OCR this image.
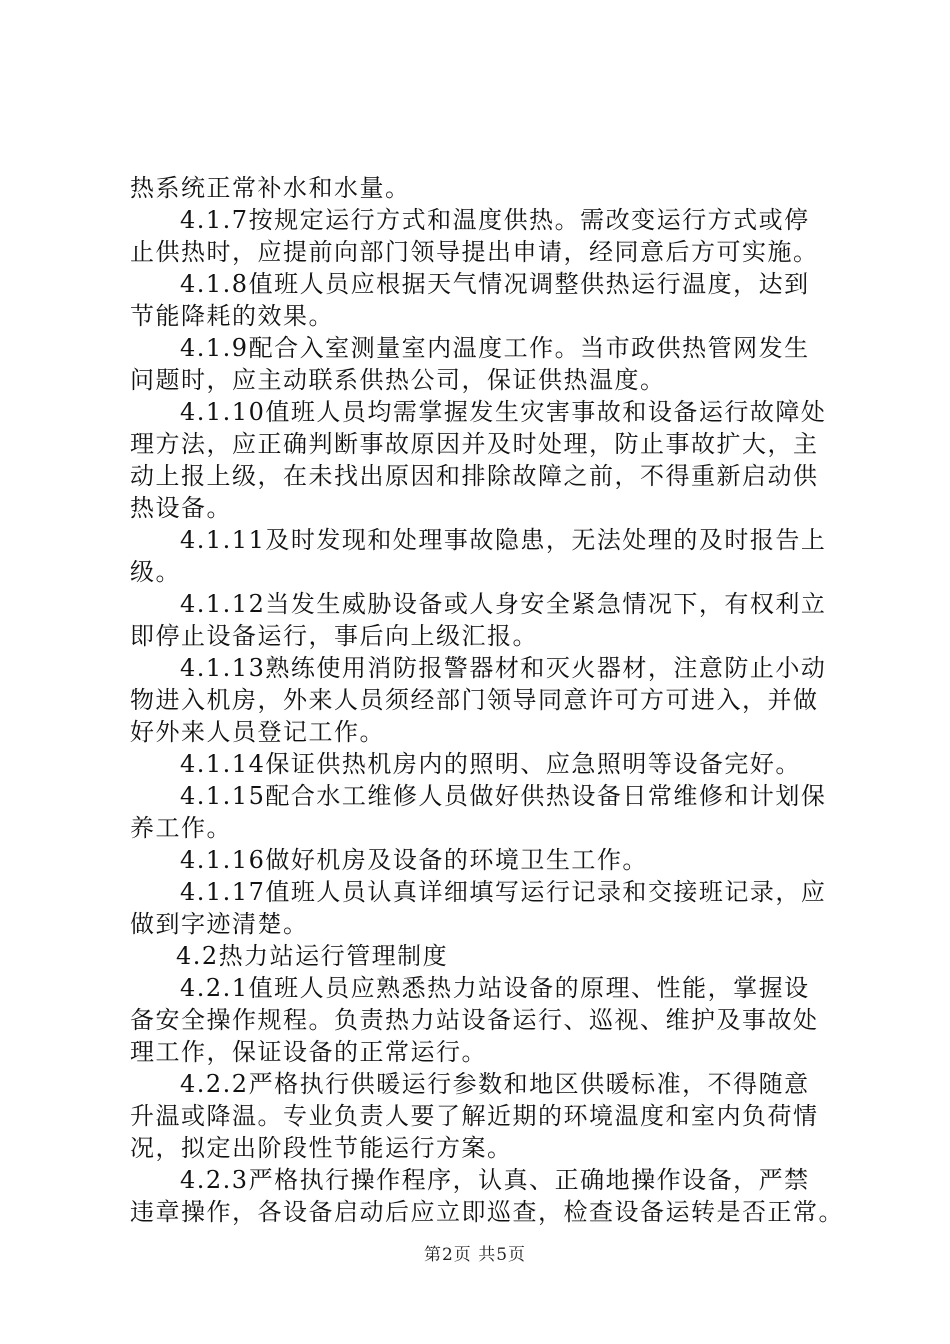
热系统正常补水和水量。
4.1.7按规定运行方式和温度供热。需改变运行方式或停
止供热时，应提前向部门领导提出申请，经同意后方可实施。
4.1.8值班人员应根据天气情况调整供热运行温度，达到
节能降耗的效果。
4.1.9配合入室测量室内温度工作。当市政供热管网发生
问题时，应主动联系供热公司，保证供热温度。
4.1.10值班人员均需掌握发生灾害事故和设备运行故障处
理方法，应正确判断事故原因并及时处理，防止事故扩大，主
动上报上级，在未找出原因和排除故障之前，不得重新启动供
热设备。
4.1.11及时发现和处理事故隐患，无法处理的及时报告上
级。
4.1.12当发生威胁设备或人身安全紧急情况下，有权利立
即停止设备运行，事后向上级汇报。
4.1.13熟练使用消防报警器材和灭火器材，注意防止小动
物进入机房，外来人员须经部门领导同意许可方可进入，并做
好外来人员登记工作。
4.1.14保证供热机房内的照明、应急照明等设备完好。
4.1.15配合水工维修人员做好供热设备日常维修和计划保
养工作。
4.1.16做好机房及设备的环境卫生工作。
4.1.17值班人员认真详细填写运行记录和交接班记录，应
做到字迹清楚。
4.2热力站运行管理制度
4.2.1值班人员应熟悉热力站设备的原理、性能，掌握设
备安全操作规程。负责热力站设备运行、巡视、维护及事故处
理工作，保证设备的正常运行。
4.2.2严格执行供暖运行参数和地区供暖标准，不得随意
升温或降温。专业负责人要了解近期的环境温度和室内负荷情
况，拟定出阶段性节能运行方案。
4.2.3严格执行操作程序，认真、正确地操作设备，严禁
违章操作，各设备启动后应立即巡查，检查设备运转是否正常。
第2页 共5页
